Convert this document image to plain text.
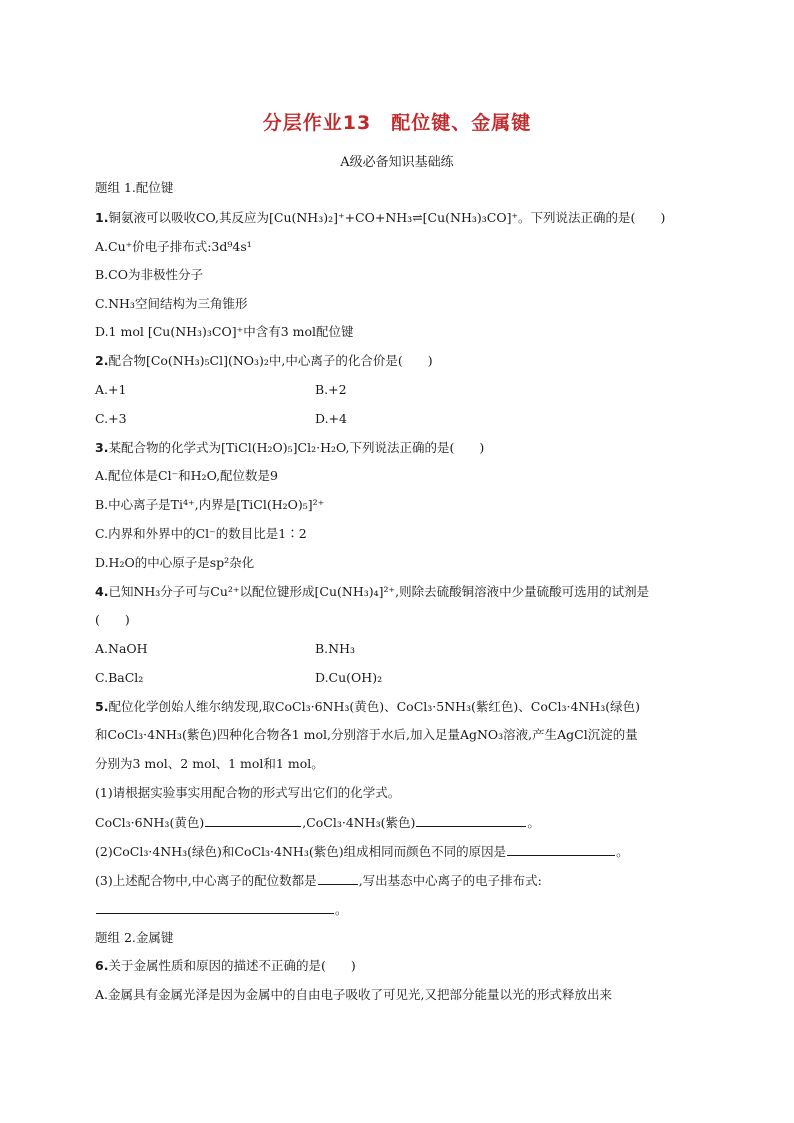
分层作业13　配位键、金属键
A级必备知识基础练
题组 1.配位键
1.铜氨液可以吸收CO,其反应为[Cu(NH₃)₂]⁺+CO+NH₃⇌[Cu(NH₃)₃CO]⁺。下列说法正确的是(　　)
A.Cu⁺价电子排布式:3d⁹4s¹
B.CO为非极性分子
C.NH₃空间结构为三角锥形
D.1 mol [Cu(NH₃)₃CO]⁺中含有3 mol配位键
2.配合物[Co(NH₃)₅Cl](NO₃)₂中,中心离子的化合价是(　　)
A.+1	B.+2
C.+3	D.+4
3.某配合物的化学式为[TiCl(H₂O)₅]Cl₂·H₂O,下列说法正确的是(　　)
A.配位体是Cl⁻和H₂O,配位数是9
B.中心离子是Ti⁴⁺,内界是[TiCl(H₂O)₅]²⁺
C.内界和外界中的Cl⁻的数目比是1∶2
D.H₂O的中心原子是sp²杂化
4.已知NH₃分子可与Cu²⁺以配位键形成[Cu(NH₃)₄]²⁺,则除去硫酸铜溶液中少量硫酸可选用的试剂是
(　　)
A.NaOH	B.NH₃
C.BaCl₂	D.Cu(OH)₂
5.配位化学创始人维尔纳发现,取CoCl₃·6NH₃(黄色)、CoCl₃·5NH₃(紫红色)、CoCl₃·4NH₃(绿色)
和CoCl₃·4NH₃(紫色)四种化合物各1 mol,分别溶于水后,加入足量AgNO₃溶液,产生AgCl沉淀的量
分别为3 mol、2 mol、1 mol和1 mol。
(1)请根据实验事实用配合物的形式写出它们的化学式。
CoCl₃·6NH₃(黄色)	,CoCl₃·4NH₃(紫色)	。
(2)CoCl₃·4NH₃(绿色)和CoCl₃·4NH₃(紫色)组成相同而颜色不同的原因是	。
(3)上述配合物中,中心离子的配位数都是	,写出基态中心离子的电子排布式:
。
题组 2.金属键
6.关于金属性质和原因的描述不正确的是(　　)
A.金属具有金属光泽是因为金属中的自由电子吸收了可见光,又把部分能量以光的形式释放出来
